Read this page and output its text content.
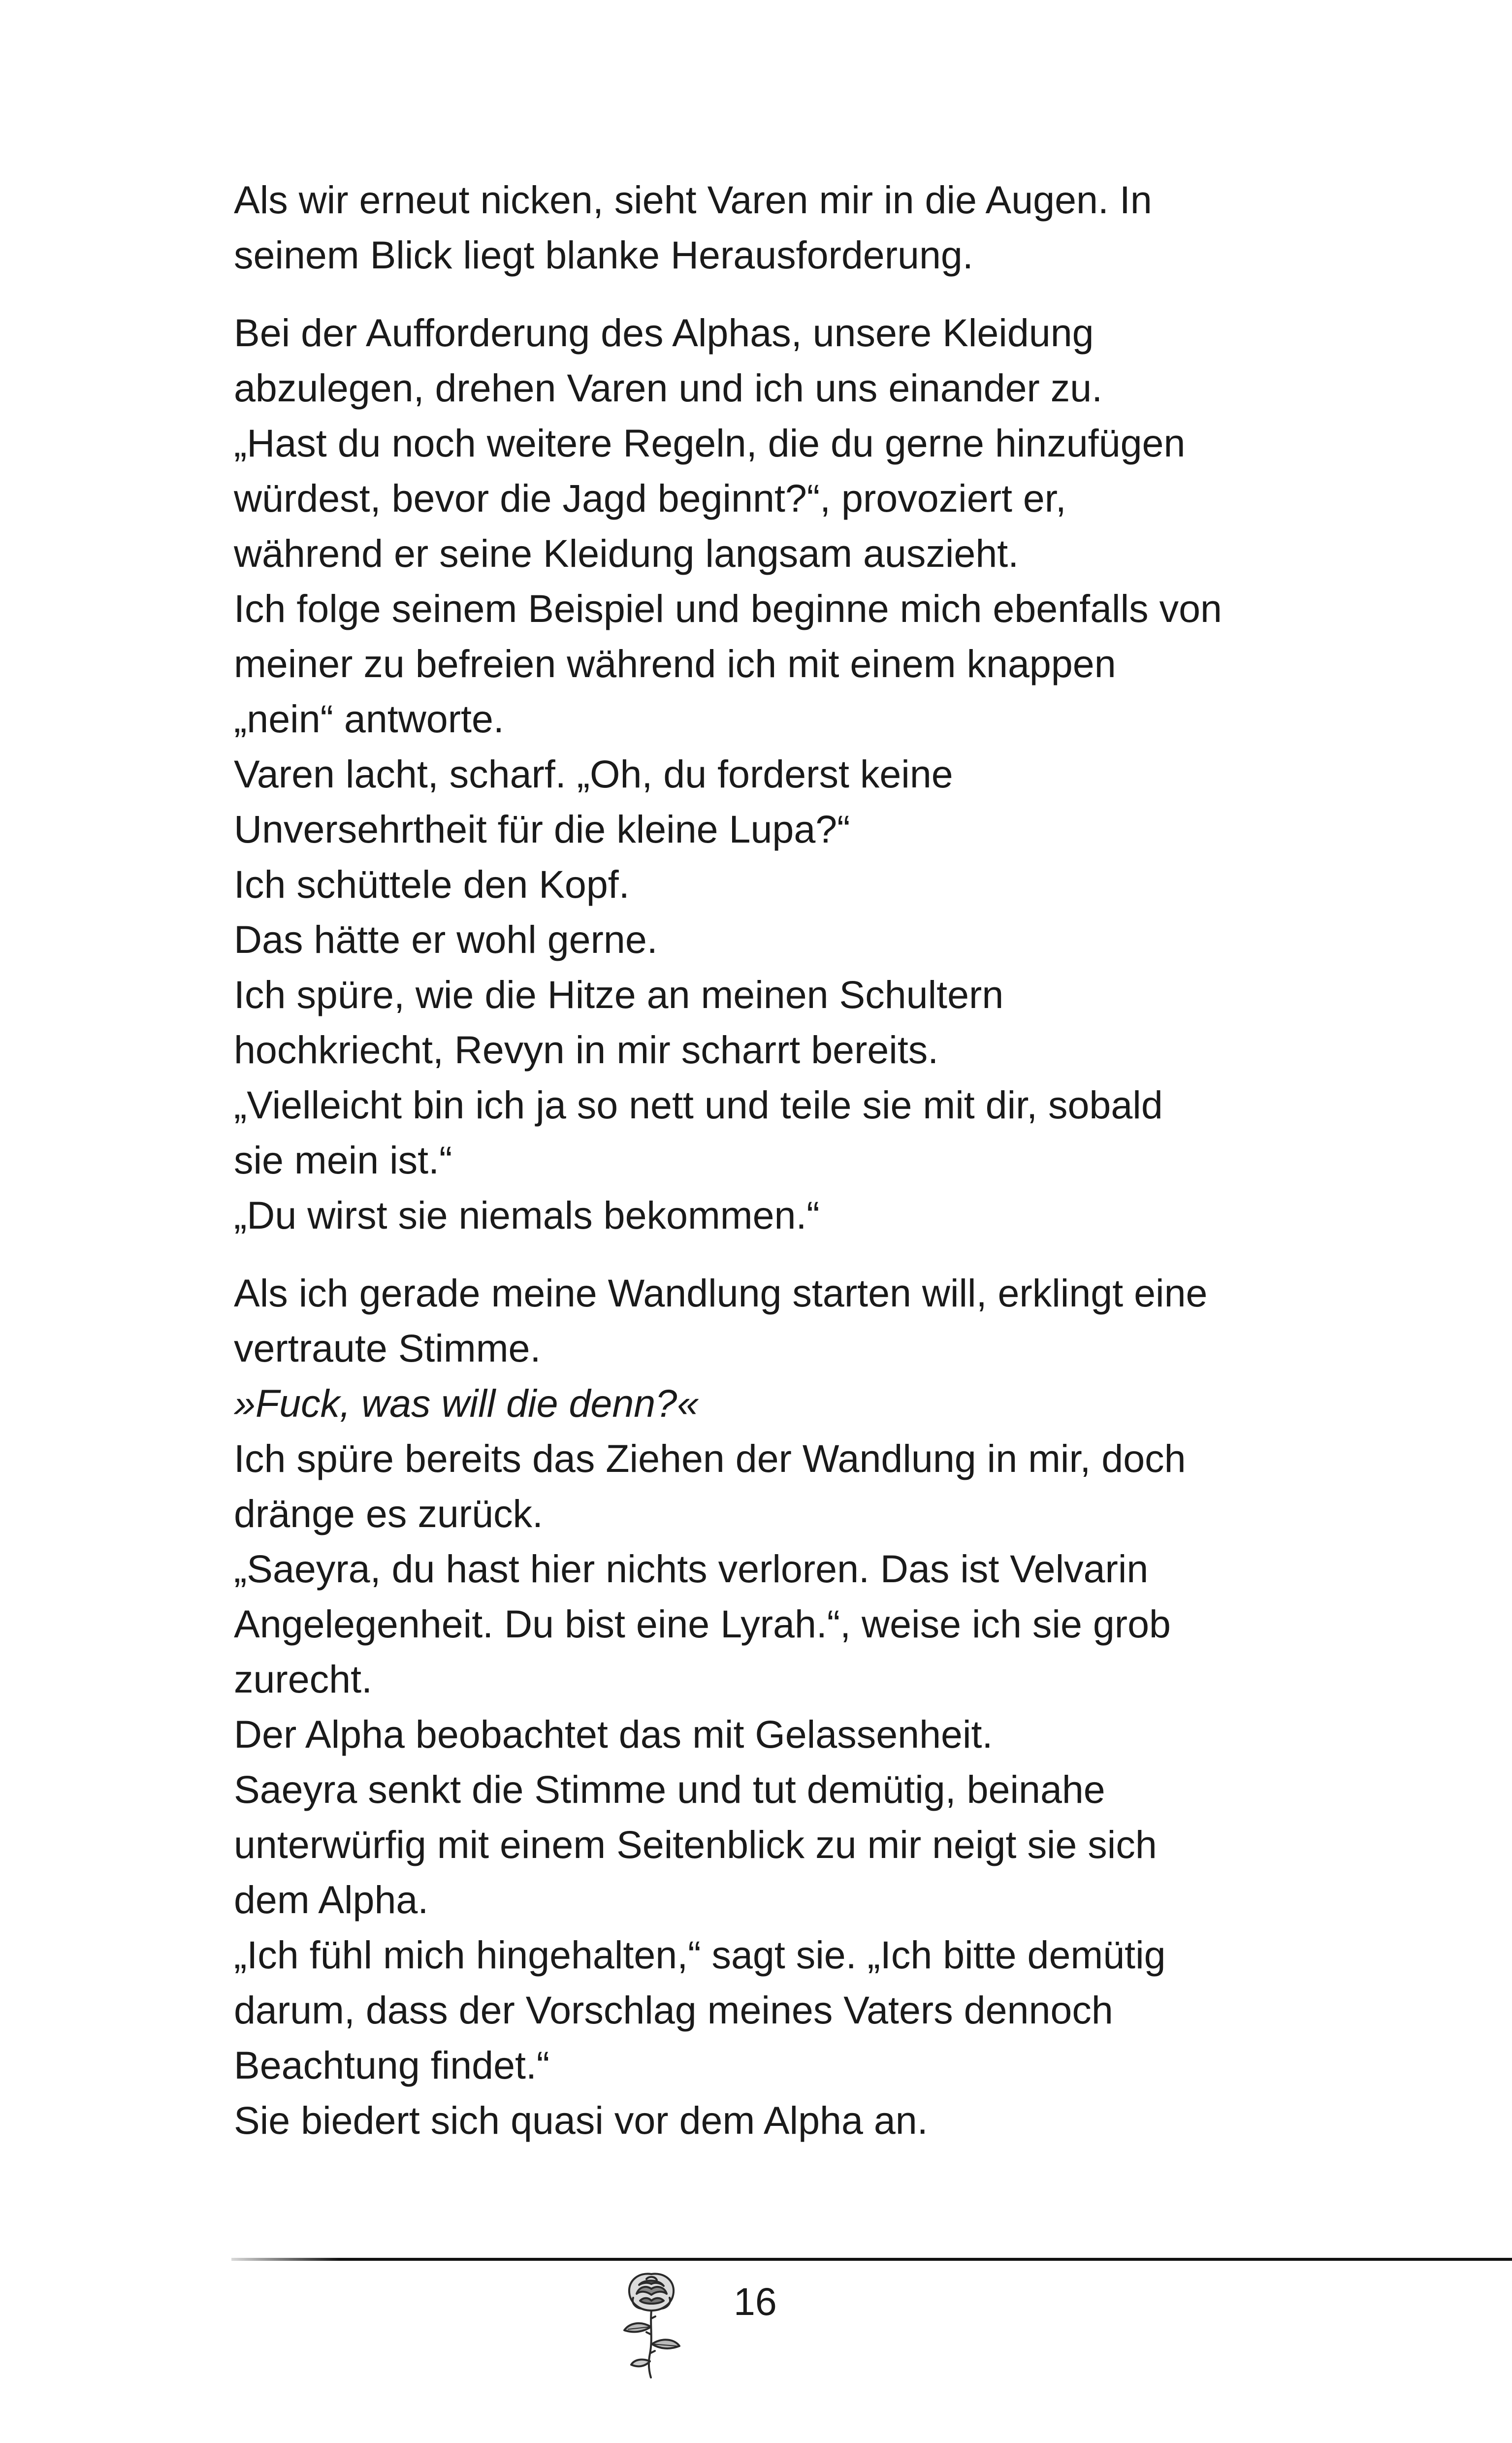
Als wir erneut nicken, sieht Varen mir in die Augen. In
seinem Blick liegt blanke Herausforderung.

Bei der Aufforderung des Alphas, unsere Kleidung
abzulegen, drehen Varen und ich uns einander zu.
„Hast du noch weitere Regeln, die du gerne hinzufügen
würdest, bevor die Jagd beginnt?“, provoziert er,
während er seine Kleidung langsam auszieht.
Ich folge seinem Beispiel und beginne mich ebenfalls von
meiner zu befreien während ich mit einem knappen
„nein“ antworte.
Varen lacht, scharf. „Oh, du forderst keine
Unversehrtheit für die kleine Lupa?“
Ich schüttele den Kopf.
Das hätte er wohl gerne.
Ich spüre, wie die Hitze an meinen Schultern
hochkriecht, Revyn in mir scharrt bereits.
„Vielleicht bin ich ja so nett und teile sie mit dir, sobald
sie mein ist.“
„Du wirst sie niemals bekommen.“

Als ich gerade meine Wandlung starten will, erklingt eine
vertraute Stimme.
»Fuck, was will die denn?«
Ich spüre bereits das Ziehen der Wandlung in mir, doch
dränge es zurück.
„Saeyra, du hast hier nichts verloren. Das ist Velvarin
Angelegenheit. Du bist eine Lyrah.“, weise ich sie grob
zurecht.
Der Alpha beobachtet das mit Gelassenheit.
Saeyra senkt die Stimme und tut demütig, beinahe
unterwürfig mit einem Seitenblick zu mir neigt sie sich
dem Alpha.
„Ich fühl mich hingehalten,“ sagt sie. „Ich bitte demütig
darum, dass der Vorschlag meines Vaters dennoch
Beachtung findet.“
Sie biedert sich quasi vor dem Alpha an.

16
